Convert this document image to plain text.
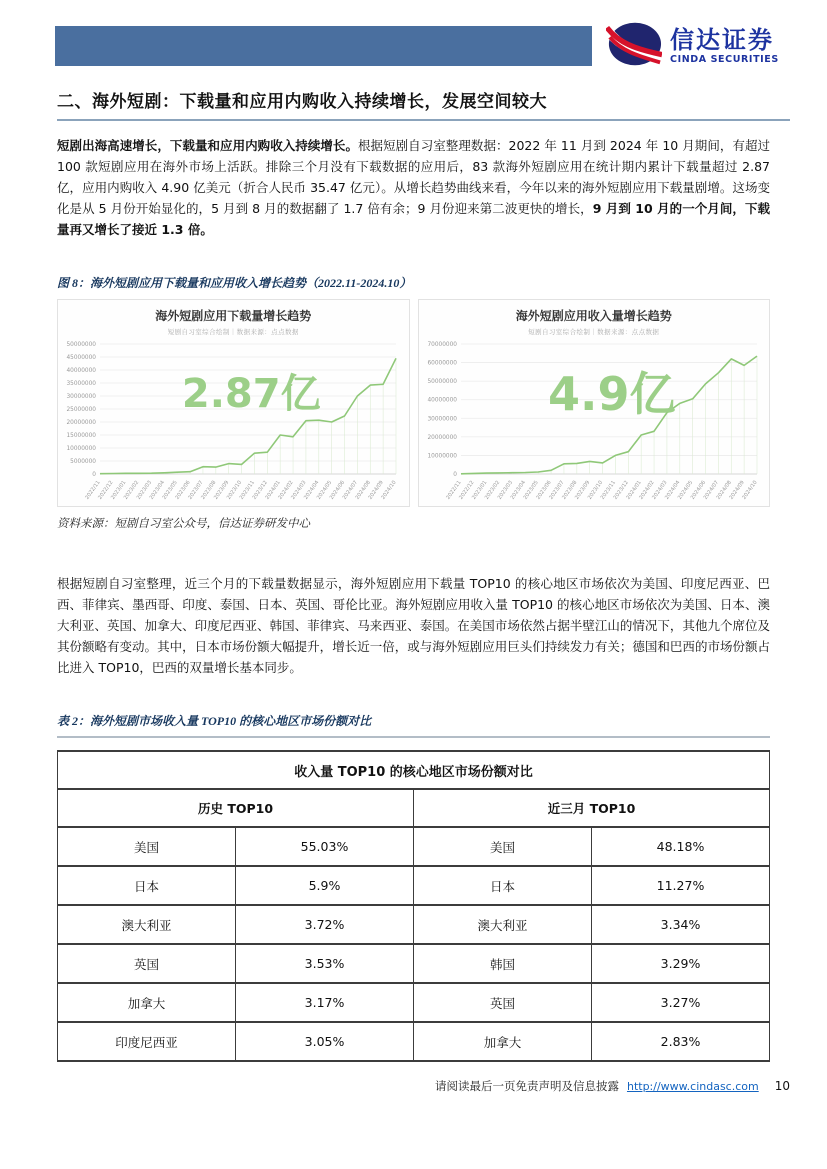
信达证券
CINDA SECURITIES
二、海外短剧：下载量和应用内购收入持续增长，发展空间较大

短剧出海高速增长，下载量和应用内购收入持续增长。根据短剧自习室整理数据：2022 年 11 月到 2024 年 10 月期间，有超过 100 款短剧应用在海外市场上活跃。排除三个月没有下载数据的应用后，83 款海外短剧应用在统计期内累计下载量超过 2.87 亿，应用内购收入 4.90 亿美元（折合人民币 35.47 亿元）。从增长趋势曲线来看，今年以来的海外短剧应用下载量剧增。这场变化是从 5 月份开始显化的，5 月到 8 月的数据翻了 1.7 倍有余；9 月份迎来第二波更快的增长，9 月到 10 月的一个月间，下载量再又增长了接近 1.3 倍。

图 8：海外短剧应用下载量和应用收入增长趋势（2022.11-2024.10）
海外短剧应用下载量增长趋势
短剧自习室综合绘制｜数据来源：点点数据
0
5000000
10000000
15000000
20000000
25000000
30000000
35000000
40000000
45000000
50000000
2022/11
2022/12
2023/01
2023/02
2023/03
2023/04
2023/05
2023/06
2023/07
2023/08
2023/09
2023/10
2023/11
2023/12
2024/01
2024/02
2024/03
2024/04
2024/05
2024/06
2024/07
2024/08
2024/09
2024/10
2.87亿
海外短剧应用收入量增长趋势
短剧自习室综合绘制｜数据来源：点点数据
0
10000000
20000000
30000000
40000000
50000000
60000000
70000000
2022/11
2022/12
2023/01
2023/02
2023/03
2023/04
2023/05
2023/06
2023/07
2023/08
2023/09
2023/10
2023/11
2023/12
2024/01
2024/02
2024/03
2024/04
2024/05
2024/06
2024/07
2024/08
2024/09
2024/10
4.9亿
资料来源：短剧自习室公众号，信达证券研发中心

根据短剧自习室整理，近三个月的下载量数据显示，海外短剧应用下载量 TOP10 的核心地区市场依次为美国、印度尼西亚、巴西、菲律宾、墨西哥、印度、泰国、日本、英国、哥伦比亚。海外短剧应用收入量 TOP10 的核心地区市场依次为美国、日本、澳大利亚、英国、加拿大、印度尼西亚、韩国、菲律宾、马来西亚、泰国。在美国市场依然占据半壁江山的情况下，其他九个席位及其份额略有变动。其中，日本市场份额大幅提升，增长近一倍，或与海外短剧应用巨头们持续发力有关；德国和巴西的市场份额占比进入 TOP10，巴西的双量增长基本同步。

表 2：海外短剧市场收入量 TOP10 的核心地区市场份额对比
收入量 TOP10 的核心地区市场份额对比			
历史 TOP10		近三月 TOP10	
美国	55.03%	美国	48.18%
日本	5.9%	日本	11.27%
澳大利亚	3.72%	澳大利亚	3.34%
英国	3.53%	韩国	3.29%
加拿大	3.17%	英国	3.27%
印度尼西亚	3.05%	加拿大	2.83%
请阅读最后一页免责声明及信息披露 http://www.cindasc.com 10
